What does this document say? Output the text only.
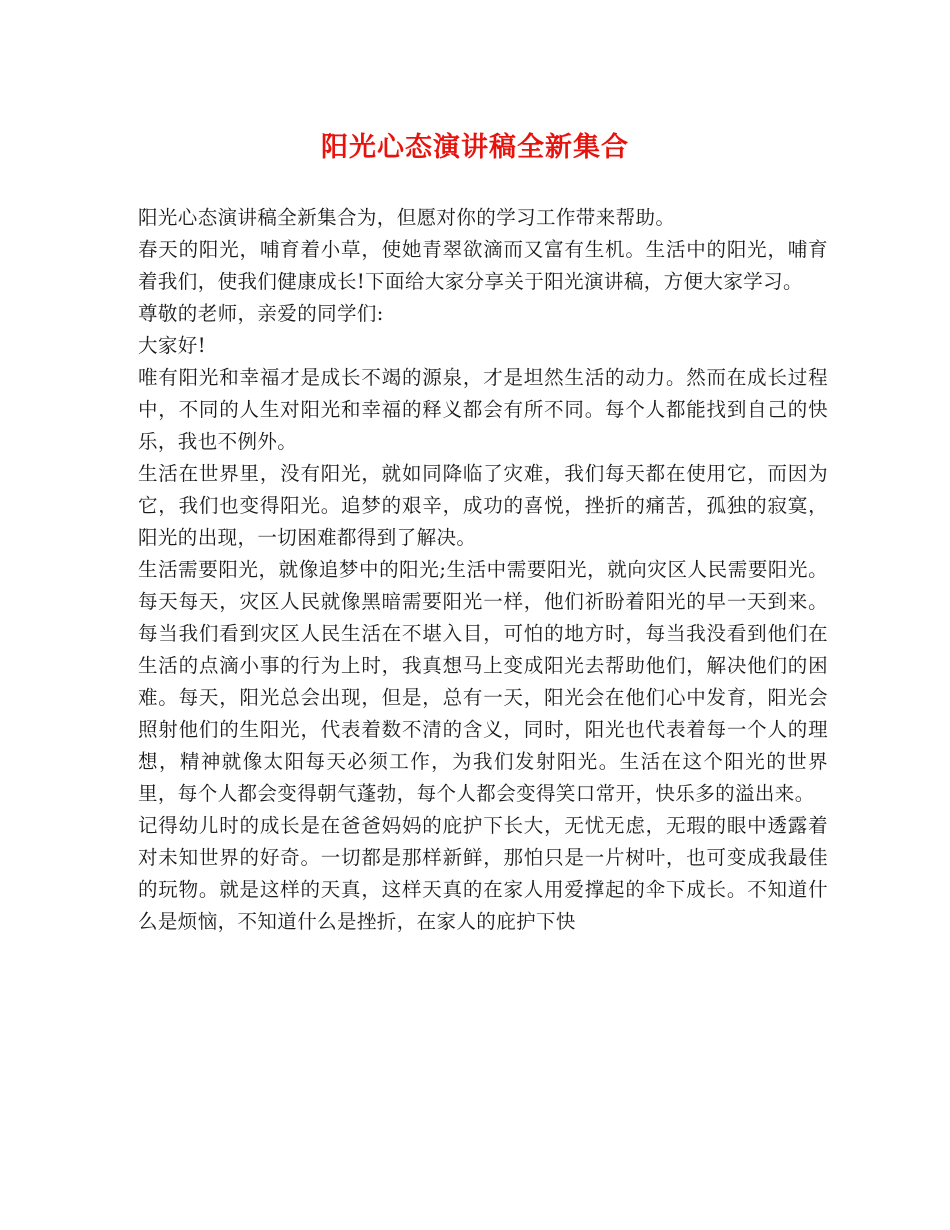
阳光心态演讲稿全新集合

阳光心态演讲稿全新集合为，但愿对你的学习工作带来帮助。

春天的阳光，哺育着小草，使她青翠欲滴而又富有生机。生活中的阳光，哺育着我们，使我们健康成长!下面给大家分享关于阳光演讲稿，方便大家学习。

尊敬的老师，亲爱的同学们:

大家好!

唯有阳光和幸福才是成长不竭的源泉，才是坦然生活的动力。然而在成长过程中，不同的人生对阳光和幸福的释义都会有所不同。每个人都能找到自己的快乐，我也不例外。

生活在世界里，没有阳光，就如同降临了灾难，我们每天都在使用它，而因为它，我们也变得阳光。追梦的艰辛，成功的喜悦，挫折的痛苦，孤独的寂寞，阳光的出现，一切困难都得到了解决。

生活需要阳光，就像追梦中的阳光;生活中需要阳光，就向灾区人民需要阳光。每天每天，灾区人民就像黑暗需要阳光一样，他们祈盼着阳光的早一天到来。每当我们看到灾区人民生活在不堪入目，可怕的地方时，每当我没看到他们在生活的点滴小事的行为上时，我真想马上变成阳光去帮助他们，解决他们的困难。每天，阳光总会出现，但是，总有一天，阳光会在他们心中发育，阳光会照射他们的生阳光，代表着数不清的含义，同时，阳光也代表着每一个人的理想，精神就像太阳每天必须工作，为我们发射阳光。生活在这个阳光的世界里，每个人都会变得朝气蓬勃，每个人都会变得笑口常开，快乐多的溢出来。

记得幼儿时的成长是在爸爸妈妈的庇护下长大，无忧无虑，无瑕的眼中透露着对未知世界的好奇。一切都是那样新鲜，那怕只是一片树叶，也可变成我最佳的玩物。就是这样的天真，这样天真的在家人用爱撑起的伞下成长。不知道什么是烦恼，不知道什么是挫折，在家人的庇护下快
